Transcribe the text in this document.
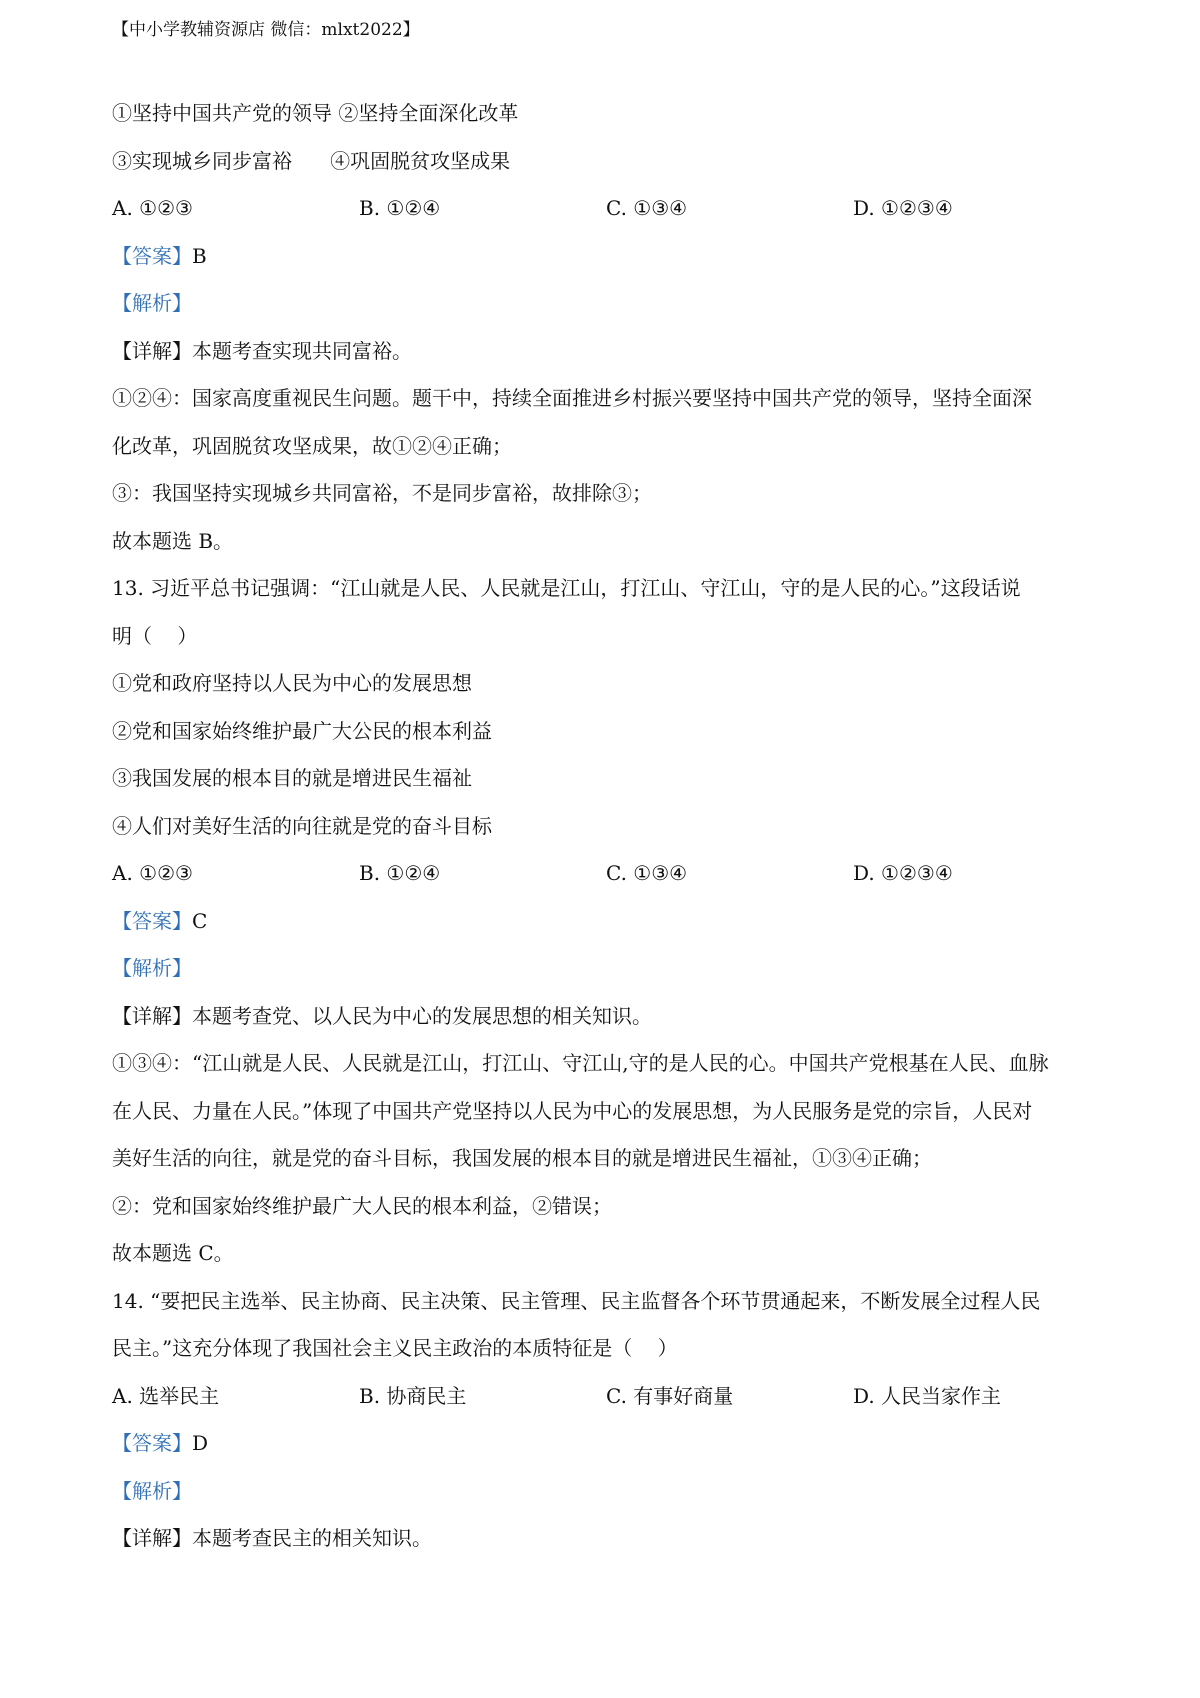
【中小学教辅资源店 微信：mlxt2022】
①坚持中国共产党的领导 ②坚持全面深化改革
③实现城乡同步富裕      ④巩固脱贫攻坚成果
A. ①②③	B. ①②④	C. ①③④	D. ①②③④
【答案】B
【解析】
【详解】本题考查实现共同富裕。
①②④：国家高度重视民生问题。题干中，持续全面推进乡村振兴要坚持中国共产党的领导，坚持全面深
化改革，巩固脱贫攻坚成果，故①②④正确；
③：我国坚持实现城乡共同富裕，不是同步富裕，故排除③；
故本题选 B。
13. 习近平总书记强调：“江山就是人民、人民就是江山，打江山、守江山，守的是人民的心。”这段话说
明（    ）
①党和政府坚持以人民为中心的发展思想
②党和国家始终维护最广大公民的根本利益
③我国发展的根本目的就是增进民生福祉
④人们对美好生活的向往就是党的奋斗目标
A. ①②③	B. ①②④	C. ①③④	D. ①②③④
【答案】C
【解析】
【详解】本题考查党、以人民为中心的发展思想的相关知识。
①③④：“江山就是人民、人民就是江山，打江山、守江山,守的是人民的心。中国共产党根基在人民、血脉
在人民、力量在人民。”体现了中国共产党坚持以人民为中心的发展思想，为人民服务是党的宗旨，人民对
美好生活的向往，就是党的奋斗目标，我国发展的根本目的就是增进民生福祉，①③④正确；
②：党和国家始终维护最广大人民的根本利益，②错误；
故本题选 C。
14. “要把民主选举、民主协商、民主决策、民主管理、民主监督各个环节贯通起来，不断发展全过程人民
民主。”这充分体现了我国社会主义民主政治的本质特征是（    ）
A. 选举民主	B. 协商民主	C. 有事好商量	D. 人民当家作主
【答案】D
【解析】
【详解】本题考查民主的相关知识。
